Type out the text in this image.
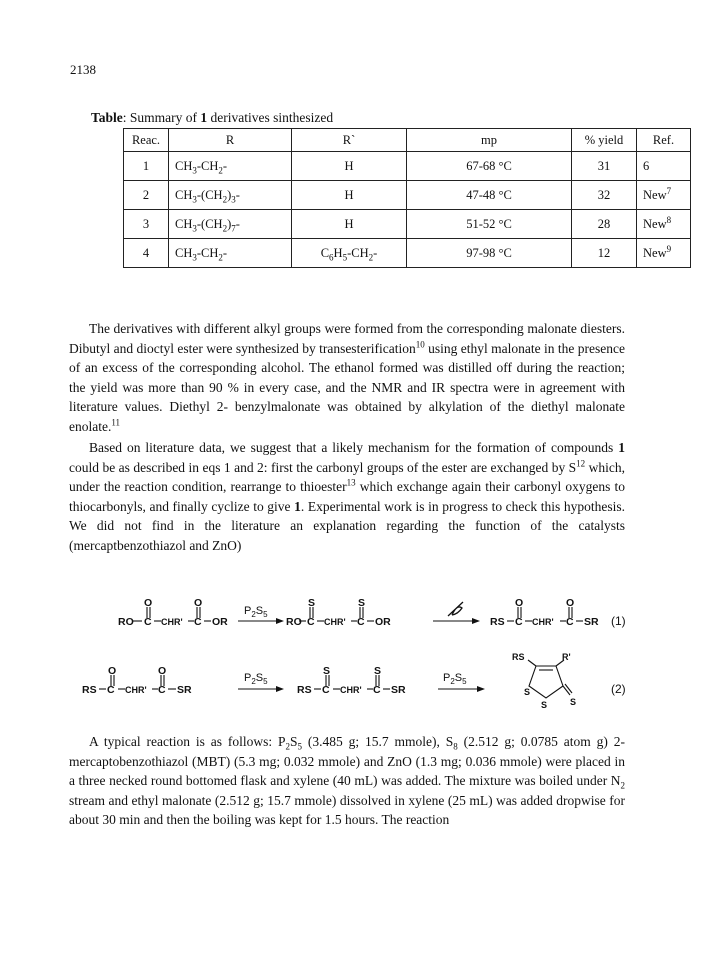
2138
Table: Summary of 1 derivatives sinthesized
Reac.	R	R`	mp	% yield	Ref.
1	$CH_3-CH_2-$	H	67-68 °C	31	6
2	$CH_3-(CH_2)_3-$	H	47-48 °C	32	New$^7$
3	$CH_3-(CH_2)_7-$	H	51-52 °C	28	New$^8$
4	$CH_3-CH_2-$	$C_6H_5-CH_2-$	97-98 °C	12	New$^9$

The derivatives with different alkyl groups were formed from the corresponding malonate diesters. Dibutyl and dioctyl ester were synthesized by transesterification$^{10}$ using ethyl malonate in the presence of an excess of the corresponding alcohol. The ethanol formed was distilled off during the reaction; the yield was more than 90 % in every case, and the NMR and IR spectra were in agreement with literature values. Diethyl 2- benzylmalonate was obtained by alkylation of the diethyl malonate enolate.$^{11}$

Based on literature data, we suggest that a likely mechanism for the formation of compounds 1 could be as described in eqs 1 and 2: first the carbonyl groups of the ester are exchanged by $S^{12}$ which, under the reaction condition, rearrange to thioester$^{13}$ which exchange again their carbonyl oxygens to thiocarbonyls, and finally cyclize to give 1. Experimental work is in progress to check this hypothesis. We did not find in the literature an explanation regarding the function of the catalysts (mercaptbenzothiazol and ZnO)

RO C
O
CHR' C
O
OR
$P_2S_5$
RO C
S
CHR' C
S
OR	RS C
O
CHR' C
O
SR (1)
RS C
O
CHR' C
O
SR
$P_2S_5$
RS C
S
CHR' C
S
SR
$P_2S_5$
RS	R'
S
S	S
(2)

A typical reaction is as follows: $P_2S_5$ (3.485 g; 15.7 mmole), $S_8$ (2.512 g; 0.0785 atom g) 2-mercaptobenzothiazol (MBT) (5.3 mg; 0.032 mmole) and ZnO (1.3 mg; 0.036 mmole) were placed in a three necked round bottomed flask and xylene (40 mL) was added. The mixture was boiled under $N_2$ stream and ethyl malonate (2.512 g; 15.7 mmole) dissolved in xylene (25 mL) was added dropwise for about 30 min and then the boiling was kept for 1.5 hours. The reaction
